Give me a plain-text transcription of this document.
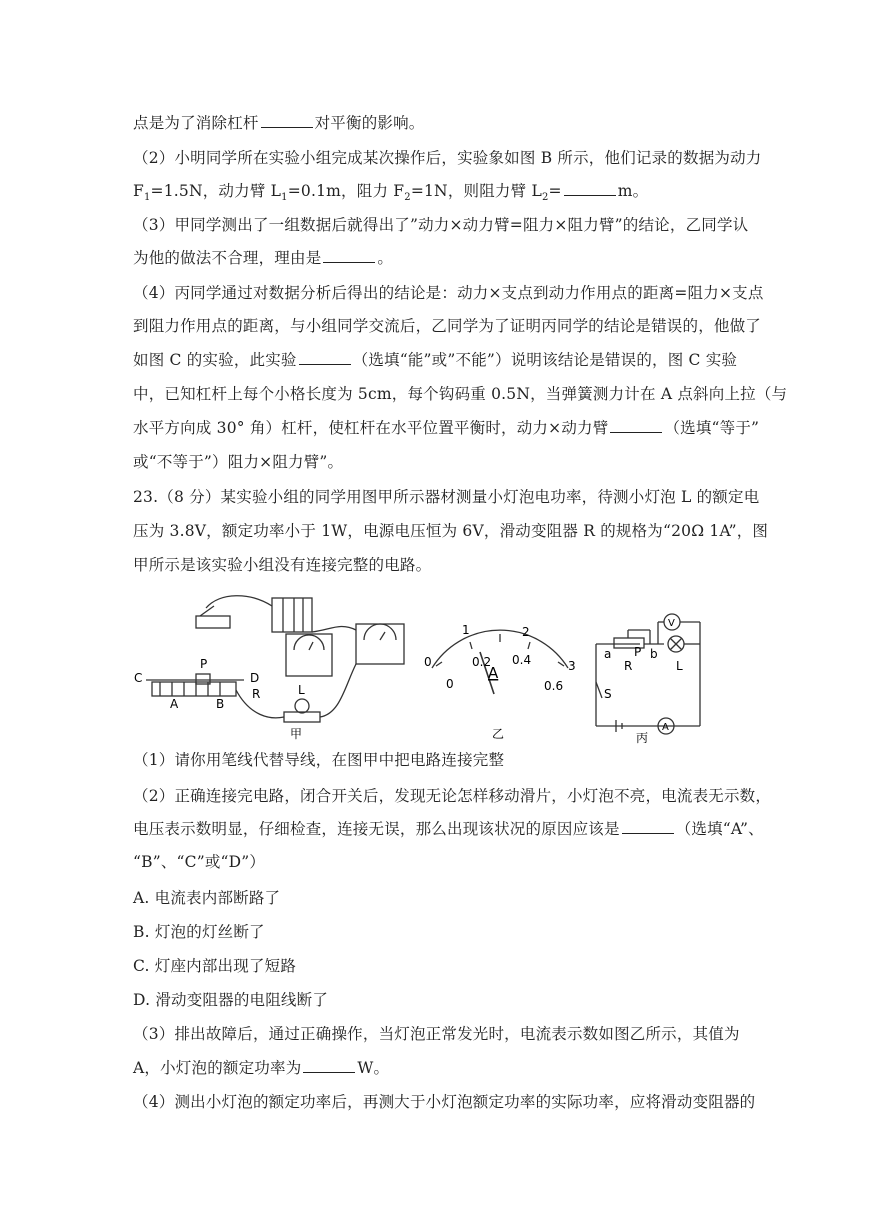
点是为了消除杠杆	对平衡的影响。
（2）小明同学所在实验小组完成某次操作后，实验象如图 B 所示，他们记录的数据为动力
$F_1=1.5N$，动力臂 $L_1=0.1m$，阻力 $F_2=1N$，则阻力臂 $L_2=$	m。
（3）甲同学测出了一组数据后就得出了”动力×动力臂=阻力×阻力臂”的结论，乙同学认
为他的做法不合理，理由是	。
（4）丙同学通过对数据分析后得出的结论是：动力×支点到动力作用点的距离=阻力×支点
到阻力作用点的距离，与小组同学交流后，乙同学为了证明丙同学的结论是错误的，他做了
如图 C 的实验，此实验	（选填“能”或”不能”）说明该结论是错误的，图 C 实验
中，已知杠杆上每个小格长度为 5cm，每个钩码重 0.5N，当弹簧测力计在 A 点斜向上拉（与
水平方向成 30° 角）杠杆，使杠杆在水平位置平衡时，动力×动力臂	（选填“等于”
或“不等于”）阻力×阻力臂”。
23.（8 分）某实验小组的同学用图甲所示器材测量小灯泡电功率，待测小灯泡 L 的额定电
压为 3.8V，额定功率小于 1W，电源电压恒为 6V，滑动变阻器 R 的规格为“20Ω 1A”，图
甲所示是该实验小组没有连接完整的电路。
C
P
D
R
A	B
L
甲
0
1	2
3
0
0.2 0.4
0.6
A
乙
a P b
R
V
L
S
A
丙
（1）请你用笔线代替导线，在图甲中把电路连接完整
（2）正确连接完电路，闭合开关后，发现无论怎样移动滑片，小灯泡不亮，电流表无示数，
电压表示数明显，仔细检查，连接无误，那么出现该状况的原因应该是	（选填“A”、
“B”、“C”或“D”）
A. 电流表内部断路了
B. 灯泡的灯丝断了
C. 灯座内部出现了短路
D. 滑动变阻器的电阻线断了
（3）排出故障后，通过正确操作，当灯泡正常发光时，电流表示数如图乙所示，其值为
A，小灯泡的额定功率为	W。
（4）测出小灯泡的额定功率后，再测大于小灯泡额定功率的实际功率，应将滑动变阻器的
